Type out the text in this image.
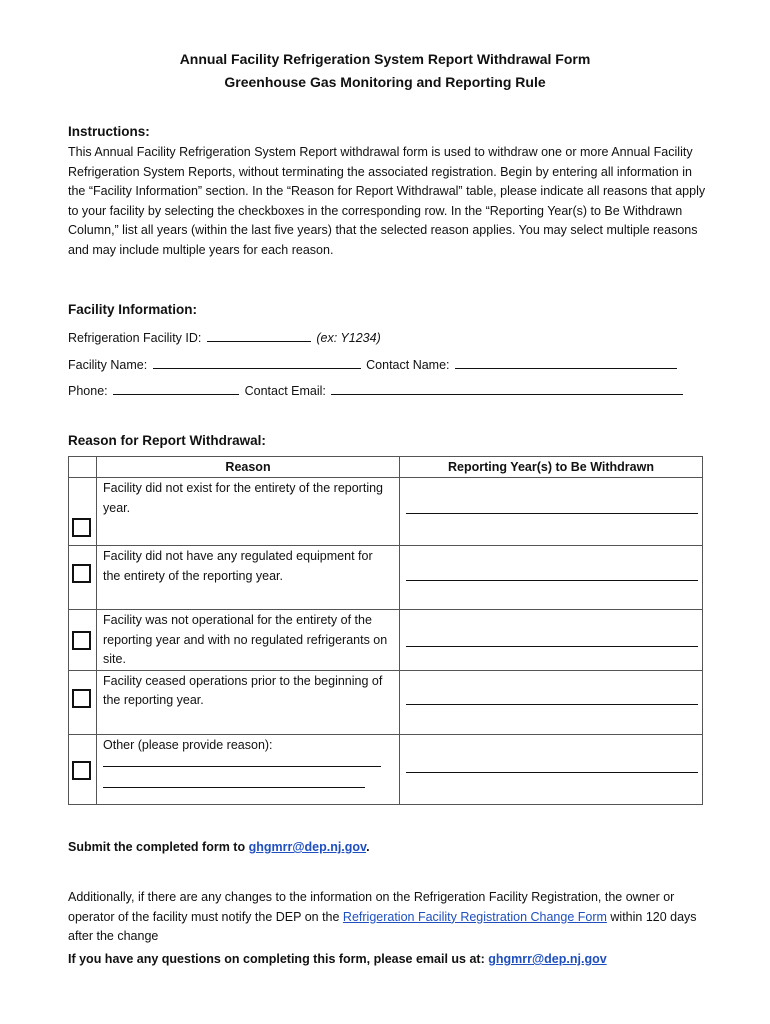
Annual Facility Refrigeration System Report Withdrawal Form
Greenhouse Gas Monitoring and Reporting Rule
Instructions:
This Annual Facility Refrigeration System Report withdrawal form is used to withdraw one or more Annual Facility Refrigeration System Reports, without terminating the associated registration. Begin by entering all information in the “Facility Information” section. In the “Reason for Report Withdrawal” table, please indicate all reasons that apply to your facility by selecting the checkboxes in the corresponding row. In the “Reporting Year(s) to Be Withdrawn Column,” list all years (within the last five years) that the selected reason applies. You may select multiple reasons and may include multiple years for each reason.
Facility Information:
Refrigeration Facility ID:	(ex: Y1234)
Facility Name:	Contact Name:
Phone:	Contact Email:
Reason for Report Withdrawal:
	Reason	Reporting Year(s) to Be Withdrawn

	Facility did not exist for the entirety of the reporting year.	

	Facility did not have any regulated equipment for the entirety of the reporting year.	

	Facility was not operational for the entirety of the reporting year and with no regulated refrigerants on site.	

	Facility ceased operations prior to the beginning of the reporting year.	

	Other (please provide reason):	

Submit the completed form to ghgmrr@dep.nj.gov.
Additionally, if there are any changes to the information on the Refrigeration Facility Registration, the owner or operator of the facility must notify the DEP on the Refrigeration Facility Registration Change Form within 120 days after the change
If you have any questions on completing this form, please email us at: ghgmrr@dep.nj.gov
